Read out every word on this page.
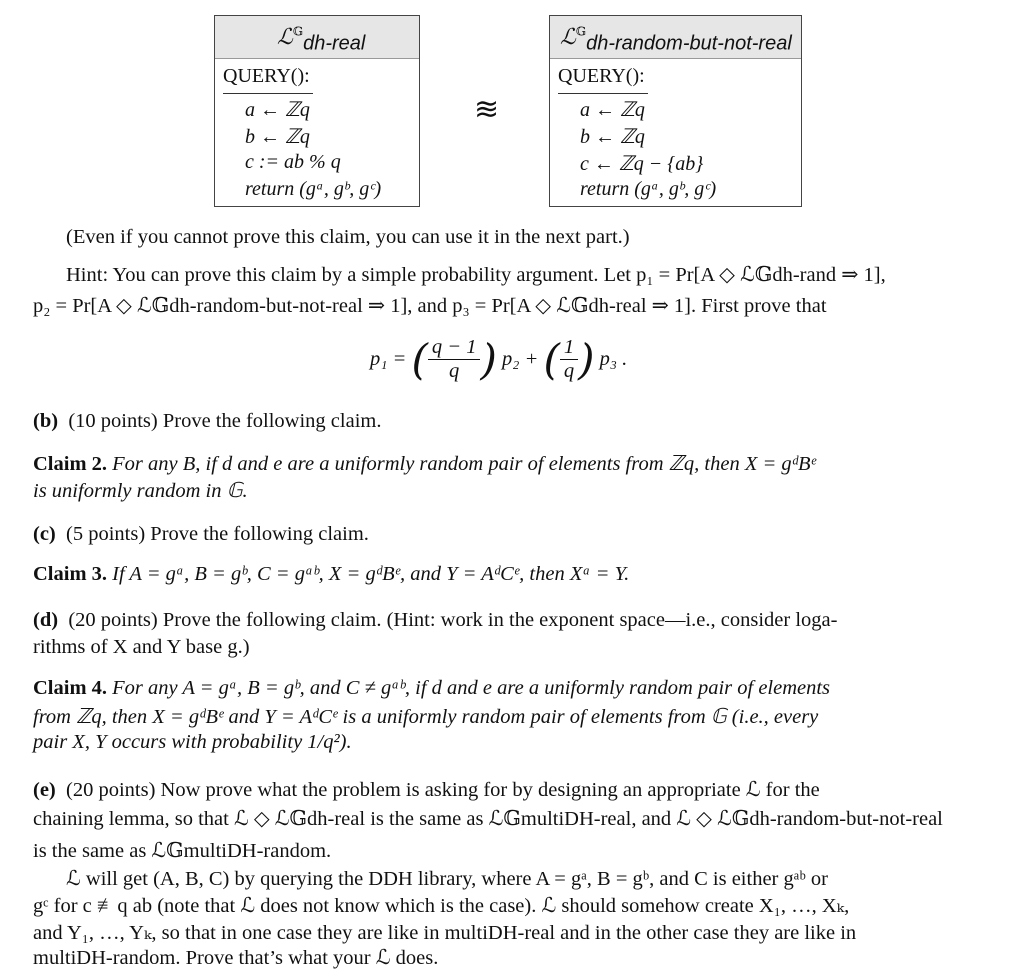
ℒ$^𝔾_{dh-real}$
QUERY():
a ← ℤq
b ← ℤq
c := ab % q
return (gᵃ, gᵇ, gᶜ)
≋
ℒ$^𝔾_{dh-random-but-not-real}$
QUERY():
a ← ℤq
b ← ℤq
c ← ℤq − {ab}
return (gᵃ, gᵇ, gᶜ)
(Even if you cannot prove this claim, you can use it in the next part.)
Hint: You can prove this claim by a simple probability argument. Let p₁ = Pr[A ◇ ℒ𝔾dh-rand ⇒ 1],
p₂ = Pr[A ◇ ℒ𝔾dh-random-but-not-real ⇒ 1], and p₃ = Pr[A ◇ ℒ𝔾dh-real ⇒ 1]. First prove that
p₁ = ( $\frac{q - 1}{q}$ ) p₂ + ( $\frac{1}{q}$ ) p₃ .
(b) (10 points) Prove the following claim.
Claim 2. For any B, if d and e are a uniformly random pair of elements from ℤq, then X = gᵈBᵉ
is uniformly random in 𝔾.
(c) (5 points) Prove the following claim.
Claim 3. If A = gᵃ, B = gᵇ, C = gᵃᵇ, X = gᵈBᵉ, and Y = AᵈCᵉ, then Xᵃ = Y.
(d) (20 points) Prove the following claim. (Hint: work in the exponent space—i.e., consider loga-
rithms of X and Y base g.)
Claim 4. For any A = gᵃ, B = gᵇ, and C ≠ gᵃᵇ, if d and e are a uniformly random pair of elements
from ℤq, then X = gᵈBᵉ and Y = AᵈCᵉ is a uniformly random pair of elements from 𝔾 (i.e., every
pair X, Y occurs with probability 1/q²).
(e) (20 points) Now prove what the problem is asking for by designing an appropriate ℒ for the
chaining lemma, so that ℒ ◇ ℒ𝔾dh-real is the same as ℒ𝔾multiDH-real, and ℒ ◇ ℒ𝔾dh-random-but-not-real
is the same as ℒ𝔾multiDH-random.
ℒ will get (A, B, C) by querying the DDH library, where A = gᵃ, B = gᵇ, and C is either gᵃᵇ or
gᶜ for c ≢q ab (note that ℒ does not know which is the case). ℒ should somehow create X₁, …, Xₖ,
and Y₁, …, Yₖ, so that in one case they are like in multiDH-real and in the other case they are like in
multiDH-random. Prove that’s what your ℒ does.
